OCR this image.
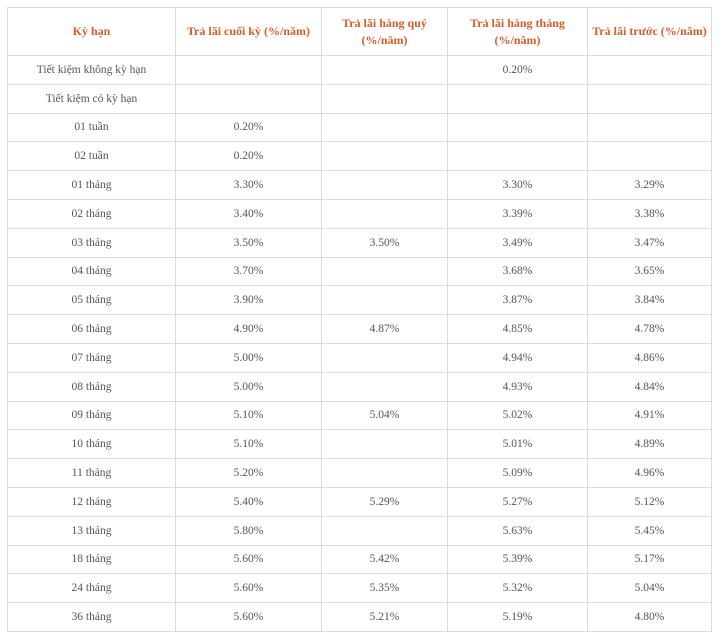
Kỳ hạn	Trả lãi cuối kỳ (%/năm)	Trả lãi hàng quý (%/năm)	Trả lãi hàng tháng (%/năm)	Trả lãi trước (%/năm)
Tiết kiệm không kỳ hạn			0.20%	
Tiết kiệm có kỳ hạn				
01 tuần	0.20%			
02 tuần	0.20%			
01 tháng	3.30%		3.30%	3.29%
02 tháng	3.40%		3.39%	3.38%
03 tháng	3.50%	3.50%	3.49%	3.47%
04 tháng	3.70%		3.68%	3.65%
05 tháng	3.90%		3.87%	3.84%
06 tháng	4.90%	4.87%	4.85%	4.78%
07 tháng	5.00%		4.94%	4.86%
08 tháng	5.00%		4.93%	4.84%
09 tháng	5.10%	5.04%	5.02%	4.91%
10 tháng	5.10%		5.01%	4.89%
11 tháng	5.20%		5.09%	4.96%
12 tháng	5.40%	5.29%	5.27%	5.12%
13 tháng	5.80%		5.63%	5.45%
18 tháng	5.60%	5.42%	5.39%	5.17%
24 tháng	5.60%	5.35%	5.32%	5.04%
36 tháng	5.60%	5.21%	5.19%	4.80%
